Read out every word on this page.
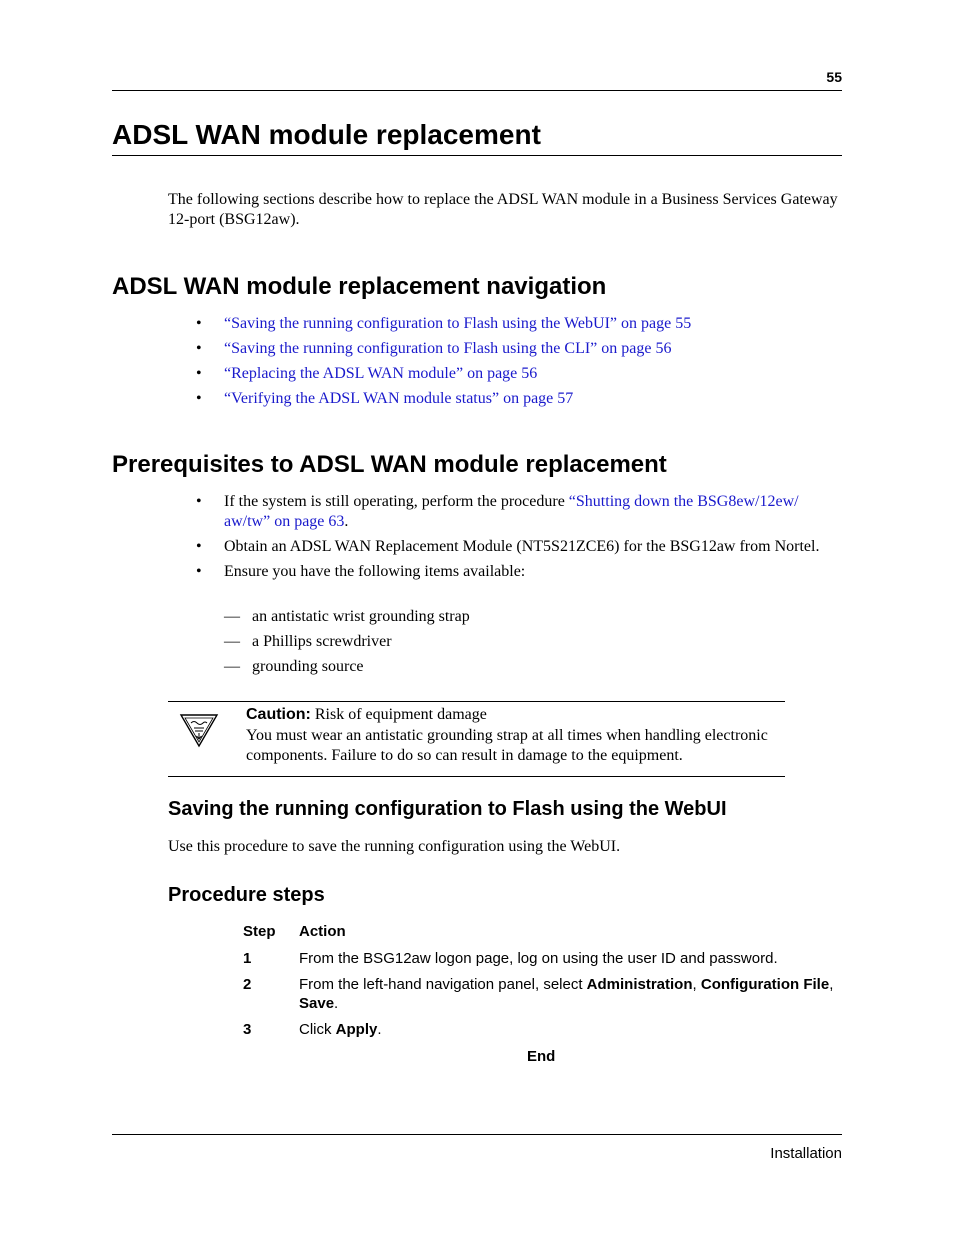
55
ADSL WAN module replacement
The following sections describe how to replace the ADSL WAN module in a Business Services Gateway 12-port (BSG12aw).
ADSL WAN module replacement navigation
• “Saving the running configuration to Flash using the WebUI” on page 55
• “Saving the running configuration to Flash using the CLI” on page 56
• “Replacing the ADSL WAN module” on page 56
• “Verifying the ADSL WAN module status” on page 57
Prerequisites to ADSL WAN module replacement
• If the system is still operating, perform the procedure “Shutting down the BSG8ew/12ew/ aw/tw” on page 63.
• Obtain an ADSL WAN Replacement Module (NT5S21ZCE6) for the BSG12aw from Nortel.
• Ensure you have the following items available:
— an antistatic wrist grounding strap
— a Phillips screwdriver
— grounding source
Caution: Risk of equipment damage
You must wear an antistatic grounding strap at all times when handling electronic components. Failure to do so can result in damage to the equipment.
Saving the running configuration to Flash using the WebUI
Use this procedure to save the running configuration using the WebUI.
Procedure steps
Step Action
1	From the BSG12aw logon page, log on using the user ID and password.
2	From the left-hand navigation panel, select Administration, Configuration File, Save.
3	Click Apply.
End
Installation
